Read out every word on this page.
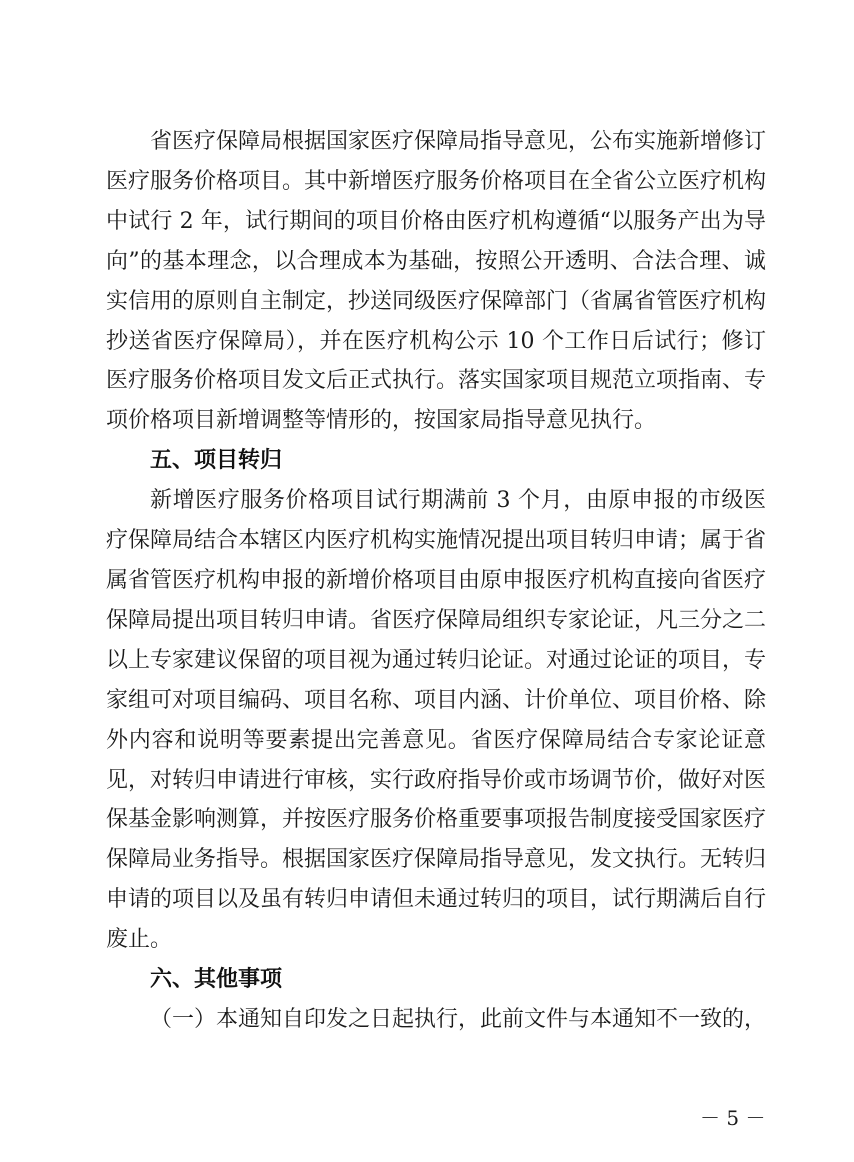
省医疗保障局根据国家医疗保障局指导意见，公布实施新增修订医疗服务价格项目。其中新增医疗服务价格项目在全省公立医疗机构中试行 2 年，试行期间的项目价格由医疗机构遵循“以服务产出为导向”的基本理念，以合理成本为基础，按照公开透明、合法合理、诚实信用的原则自主制定，抄送同级医疗保障部门（省属省管医疗机构抄送省医疗保障局），并在医疗机构公示 10 个工作日后试行；修订医疗服务价格项目发文后正式执行。落实国家项目规范立项指南、专项价格项目新增调整等情形的，按国家局指导意见执行。

五、项目转归

新增医疗服务价格项目试行期满前 3 个月，由原申报的市级医疗保障局结合本辖区内医疗机构实施情况提出项目转归申请；属于省属省管医疗机构申报的新增价格项目由原申报医疗机构直接向省医疗保障局提出项目转归申请。省医疗保障局组织专家论证，凡三分之二以上专家建议保留的项目视为通过转归论证。对通过论证的项目，专家组可对项目编码、项目名称、项目内涵、计价单位、项目价格、除外内容和说明等要素提出完善意见。省医疗保障局结合专家论证意见，对转归申请进行审核，实行政府指导价或市场调节价，做好对医保基金影响测算，并按医疗服务价格重要事项报告制度接受国家医疗保障局业务指导。根据国家医疗保障局指导意见，发文执行。无转归申请的项目以及虽有转归申请但未通过转归的项目，试行期满后自行废止。

六、其他事项

（一）本通知自印发之日起执行，此前文件与本通知不一致的，

－ 5 －
